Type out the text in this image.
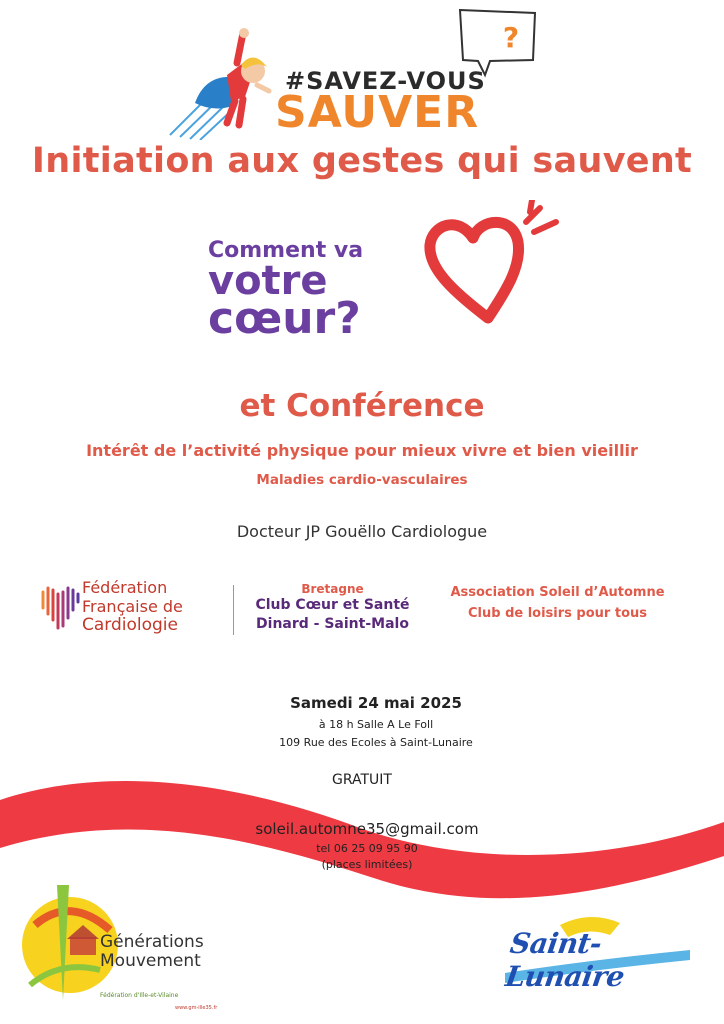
#SAVEZ-VOUS
SAUVER
?
Initiation aux gestes qui sauvent
Comment va
votre
cœur?
et Conférence
Intérêt de l’activité physique pour mieux vivre et bien vieillir
Maladies cardio-vasculaires
Docteur JP Gouëllo Cardiologue
Fédération
Française de
Cardiologie
Bretagne
Club Cœur et Santé
Dinard - Saint-Malo
Association Soleil d’Automne
Club de loisirs pour tous
Samedi 24 mai 2025
à 18 h Salle A Le Foll
109 Rue des Ecoles à Saint-Lunaire
GRATUIT
soleil.automne35@gmail.com
tel 06 25 09 95 90
(places limitées)
Générations
Mouvement
Fédération d'Ille-et-Vilaine
www.gm-ille35.fr
Saint-Lunaire
